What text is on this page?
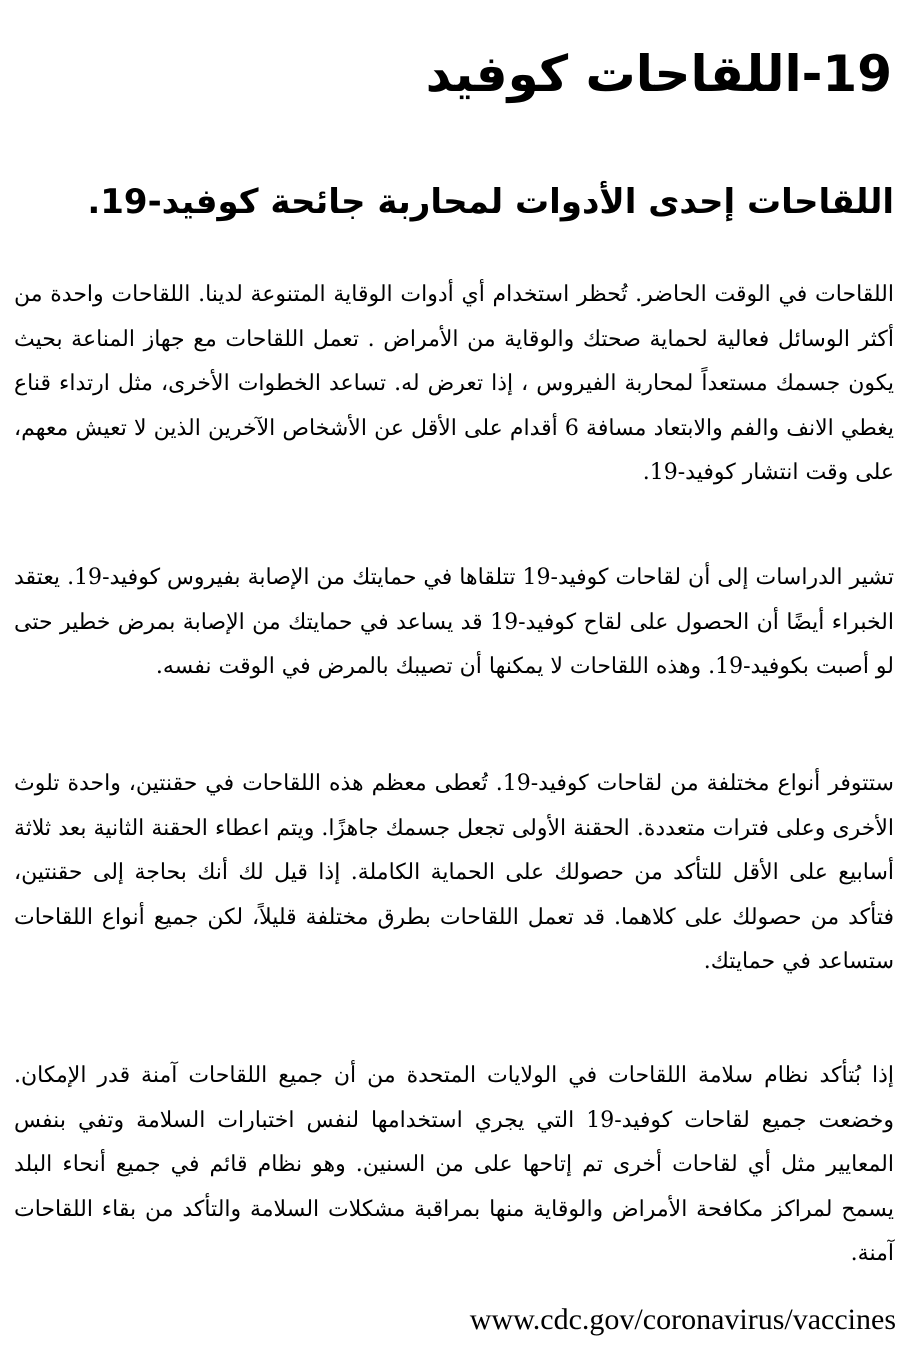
19-اللقاحات كوفيد
اللقاحات إحدى الأدوات لمحاربة جائحة كوفيد-19.

اللقاحات في الوقت الحاضر. تُحظر استخدام أي أدوات الوقاية المتنوعة لدينا. اللقاحات واحدة من أكثر الوسائل فعالية لحماية صحتك والوقاية من الأمراض . تعمل اللقاحات مع جهاز المناعة بحيث يكون جسمك مستعداً لمحاربة الفيروس ، إذا تعرض له. تساعد الخطوات الأخرى، مثل ارتداء قناع يغطي الانف والفم والابتعاد مسافة 6 أقدام على الأقل عن الأشخاص الآخرين الذين لا تعيش معهم، على وقت انتشار كوفيد-19.

تشير الدراسات إلى أن لقاحات كوفيد-19 تتلقاها في حمايتك من الإصابة بفيروس كوفيد-19. يعتقد الخبراء أيضًا أن الحصول على لقاح كوفيد-19 قد يساعد في حمايتك من الإصابة بمرض خطير حتى لو أصبت بكوفيد-19. وهذه اللقاحات لا يمكنها أن تصيبك بالمرض في الوقت نفسه.

ستتوفر أنواع مختلفة من لقاحات كوفيد-19. تُعطى معظم هذه اللقاحات في حقنتين، واحدة تلوث الأخرى وعلى فترات متعددة. الحقنة الأولى تجعل جسمك جاهزًا. ويتم اعطاء الحقنة الثانية بعد ثلاثة أسابيع على الأقل للتأكد من حصولك على الحماية الكاملة. إذا قيل لك أنك بحاجة إلى حقنتين، فتأكد من حصولك على كلاهما. قد تعمل اللقاحات بطرق مختلفة قليلاً، لكن جميع أنواع اللقاحات ستساعد في حمايتك.

إذا بُتأكد نظام سلامة اللقاحات في الولايات المتحدة من أن جميع اللقاحات آمنة قدر الإمكان. وخضعت جميع لقاحات كوفيد-19 التي يجري استخدامها لنفس اختبارات السلامة وتفي بنفس المعايير مثل أي لقاحات أخرى تم إتاحها على من السنين. وهو نظام قائم في جميع أنحاء البلد يسمح لمراكز مكافحة الأمراض والوقاية منها بمراقبة مشكلات السلامة والتأكد من بقاء اللقاحات آمنة.

www.cdc.gov/coronavirus/vaccines
